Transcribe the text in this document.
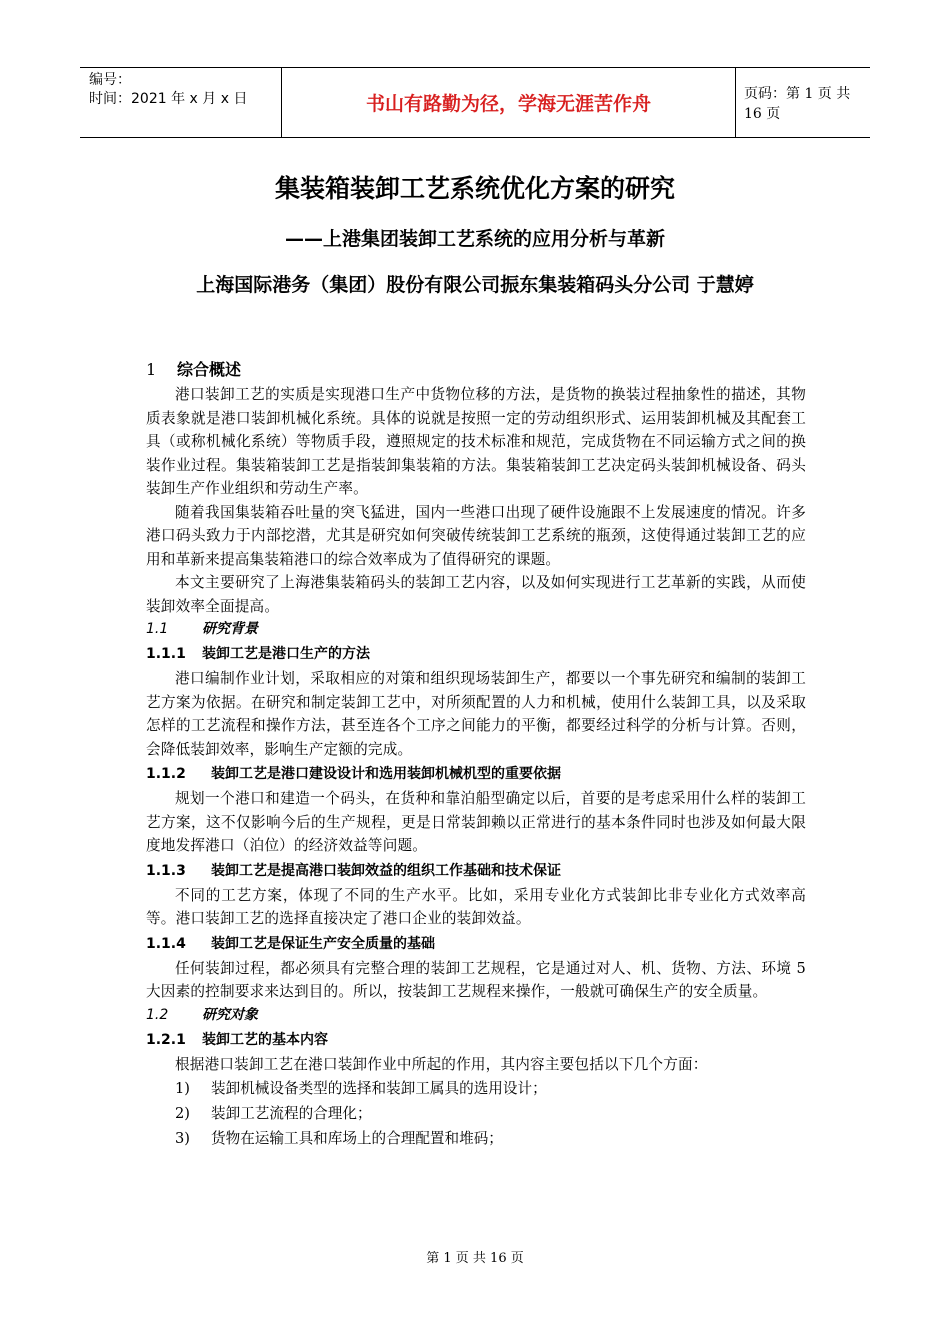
编号：
时间：2021 年 x 月 x 日	书山有路勤为径，学海无涯苦作舟	页码：第 1 页 共 16 页
集装箱装卸工艺系统优化方案的研究
——上港集团装卸工艺系统的应用分析与革新
上海国际港务（集团）股份有限公司振东集装箱码头分公司 于慧婷
1 综合概述

港口装卸工艺的实质是实现港口生产中货物位移的方法，是货物的换装过程抽象性的描述，其物质表象就是港口装卸机械化系统。具体的说就是按照一定的劳动组织形式、运用装卸机械及其配套工具（或称机械化系统）等物质手段，遵照规定的技术标准和规范，完成货物在不同运输方式之间的换装作业过程。集装箱装卸工艺是指装卸集装箱的方法。集装箱装卸工艺决定码头装卸机械设备、码头装卸生产作业组织和劳动生产率。

随着我国集装箱吞吐量的突飞猛进，国内一些港口出现了硬件设施跟不上发展速度的情况。许多港口码头致力于内部挖潜，尤其是研究如何突破传统装卸工艺系统的瓶颈，这使得通过装卸工艺的应用和革新来提高集装箱港口的综合效率成为了值得研究的课题。

本文主要研究了上海港集装箱码头的装卸工艺内容，以及如何实现进行工艺革新的实践，从而使装卸效率全面提高。

1.1 研究背景
1.1.1 装卸工艺是港口生产的方法

港口编制作业计划，采取相应的对策和组织现场装卸生产，都要以一个事先研究和编制的装卸工艺方案为依据。在研究和制定装卸工艺中，对所须配置的人力和机械，使用什么装卸工具，以及采取怎样的工艺流程和操作方法，甚至连各个工序之间能力的平衡，都要经过科学的分析与计算。否则，会降低装卸效率，影响生产定额的完成。

1.1.2 装卸工艺是港口建设设计和选用装卸机械机型的重要依据

规划一个港口和建造一个码头，在货种和靠泊船型确定以后，首要的是考虑采用什么样的装卸工艺方案，这不仅影响今后的生产规程，更是日常装卸赖以正常进行的基本条件同时也涉及如何最大限度地发挥港口（泊位）的经济效益等问题。

1.1.3 装卸工艺是提高港口装卸效益的组织工作基础和技术保证

不同的工艺方案，体现了不同的生产水平。比如，采用专业化方式装卸比非专业化方式效率高等。港口装卸工艺的选择直接决定了港口企业的装卸效益。

1.1.4 装卸工艺是保证生产安全质量的基础

任何装卸过程，都必须具有完整合理的装卸工艺规程，它是通过对人、机、货物、方法、环境 5 大因素的控制要求来达到目的。所以，按装卸工艺规程来操作，一般就可确保生产的安全质量。

1.2 研究对象
1.2.1 装卸工艺的基本内容

根据港口装卸工艺在港口装卸作业中所起的作用，其内容主要包括以下几个方面：

1) 装卸机械设备类型的选择和装卸工属具的选用设计；
2) 装卸工艺流程的合理化；
3) 货物在运输工具和库场上的合理配置和堆码；
第 1 页 共 16 页
